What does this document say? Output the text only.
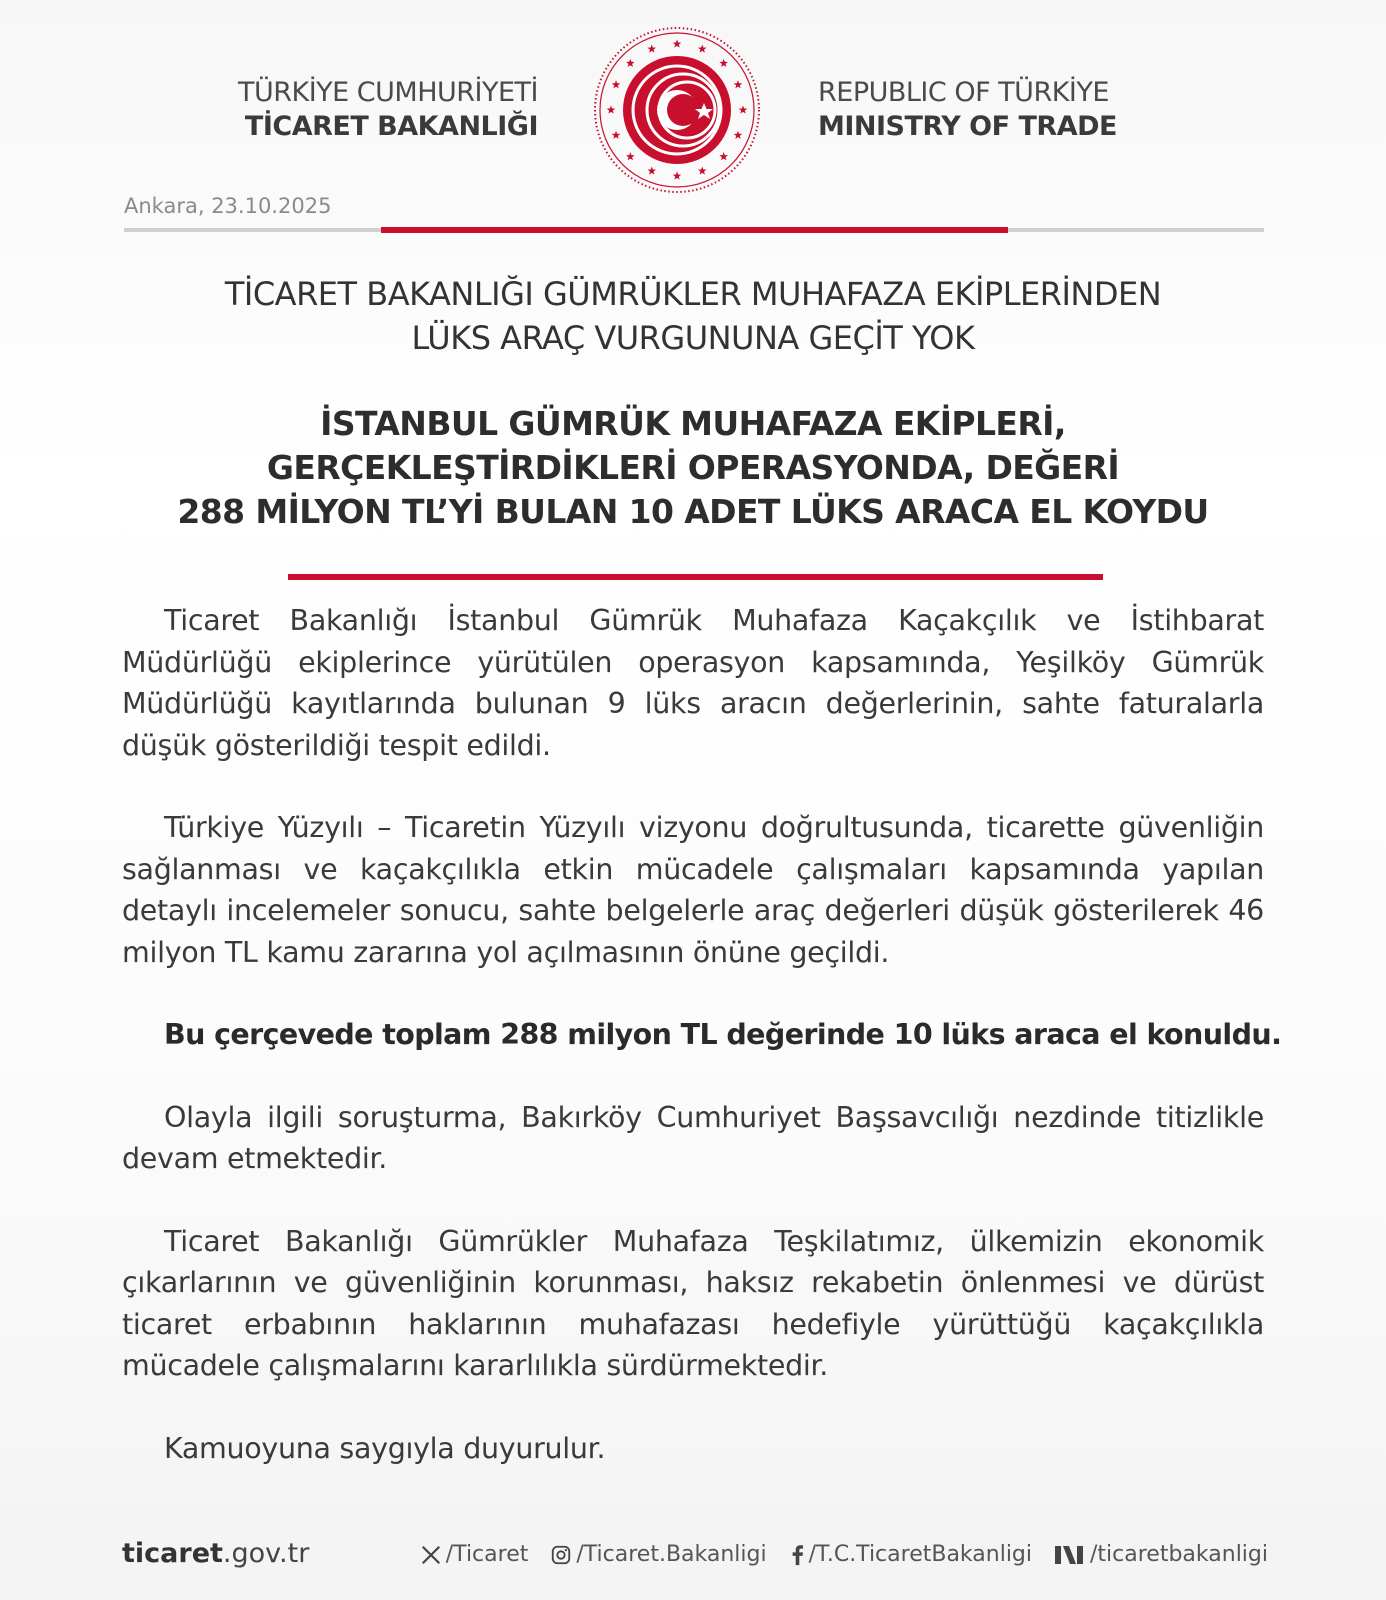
TÜRKİYE CUMHURİYETİ
TİCARET BAKANLIĞI
REPUBLIC OF TÜRKİYE
MINISTRY OF TRADE
Ankara, 23.10.2025
TİCARET BAKANLIĞI GÜMRÜKLER MUHAFAZA EKİPLERİNDEN
LÜKS ARAÇ VURGUNUNA GEÇİT YOK
İSTANBUL GÜMRÜK MUHAFAZA EKİPLERİ,
GERÇEKLEŞTİRDİKLERİ OPERASYONDA, DEĞERİ
288 MİLYON TL’Yİ BULAN 10 ADET LÜKS ARACA EL KOYDU

Ticaret Bakanlığı İstanbul Gümrük Muhafaza Kaçakçılık ve İstihbarat Müdürlüğü ekiplerince yürütülen operasyon kapsamında, Yeşilköy Gümrük Müdürlüğü kayıtlarında bulunan 9 lüks aracın değerlerinin, sahte faturalarla düşük gösterildiği tespit edildi.

Türkiye Yüzyılı – Ticaretin Yüzyılı vizyonu doğrultusunda, ticarette güvenliğin sağlanması ve kaçakçılıkla etkin mücadele çalışmaları kapsamında yapılan detaylı incelemeler sonucu, sahte belgelerle araç değerleri düşük gösterilerek 46 milyon TL kamu zararına yol açılmasının önüne geçildi.

Bu çerçevede toplam 288 milyon TL değerinde 10 lüks araca el konuldu.

Olayla ilgili soruşturma, Bakırköy Cumhuriyet Başsavcılığı nezdinde titizlikle devam etmektedir.

Ticaret Bakanlığı Gümrükler Muhafaza Teşkilatımız, ülkemizin ekonomik çıkarlarının ve güvenliğinin korunması, haksız rekabetin önlenmesi ve dürüst ticaret erbabının haklarının muhafazası hedefiyle yürüttüğü kaçakçılıkla mücadele çalışmalarını kararlılıkla sürdürmektedir.

Kamuoyuna saygıyla duyurulur.

ticaret.gov.tr	/Ticaret /Ticaret.Bakanligi /T.C.TicaretBakanligi	/ticaretbakanligi
